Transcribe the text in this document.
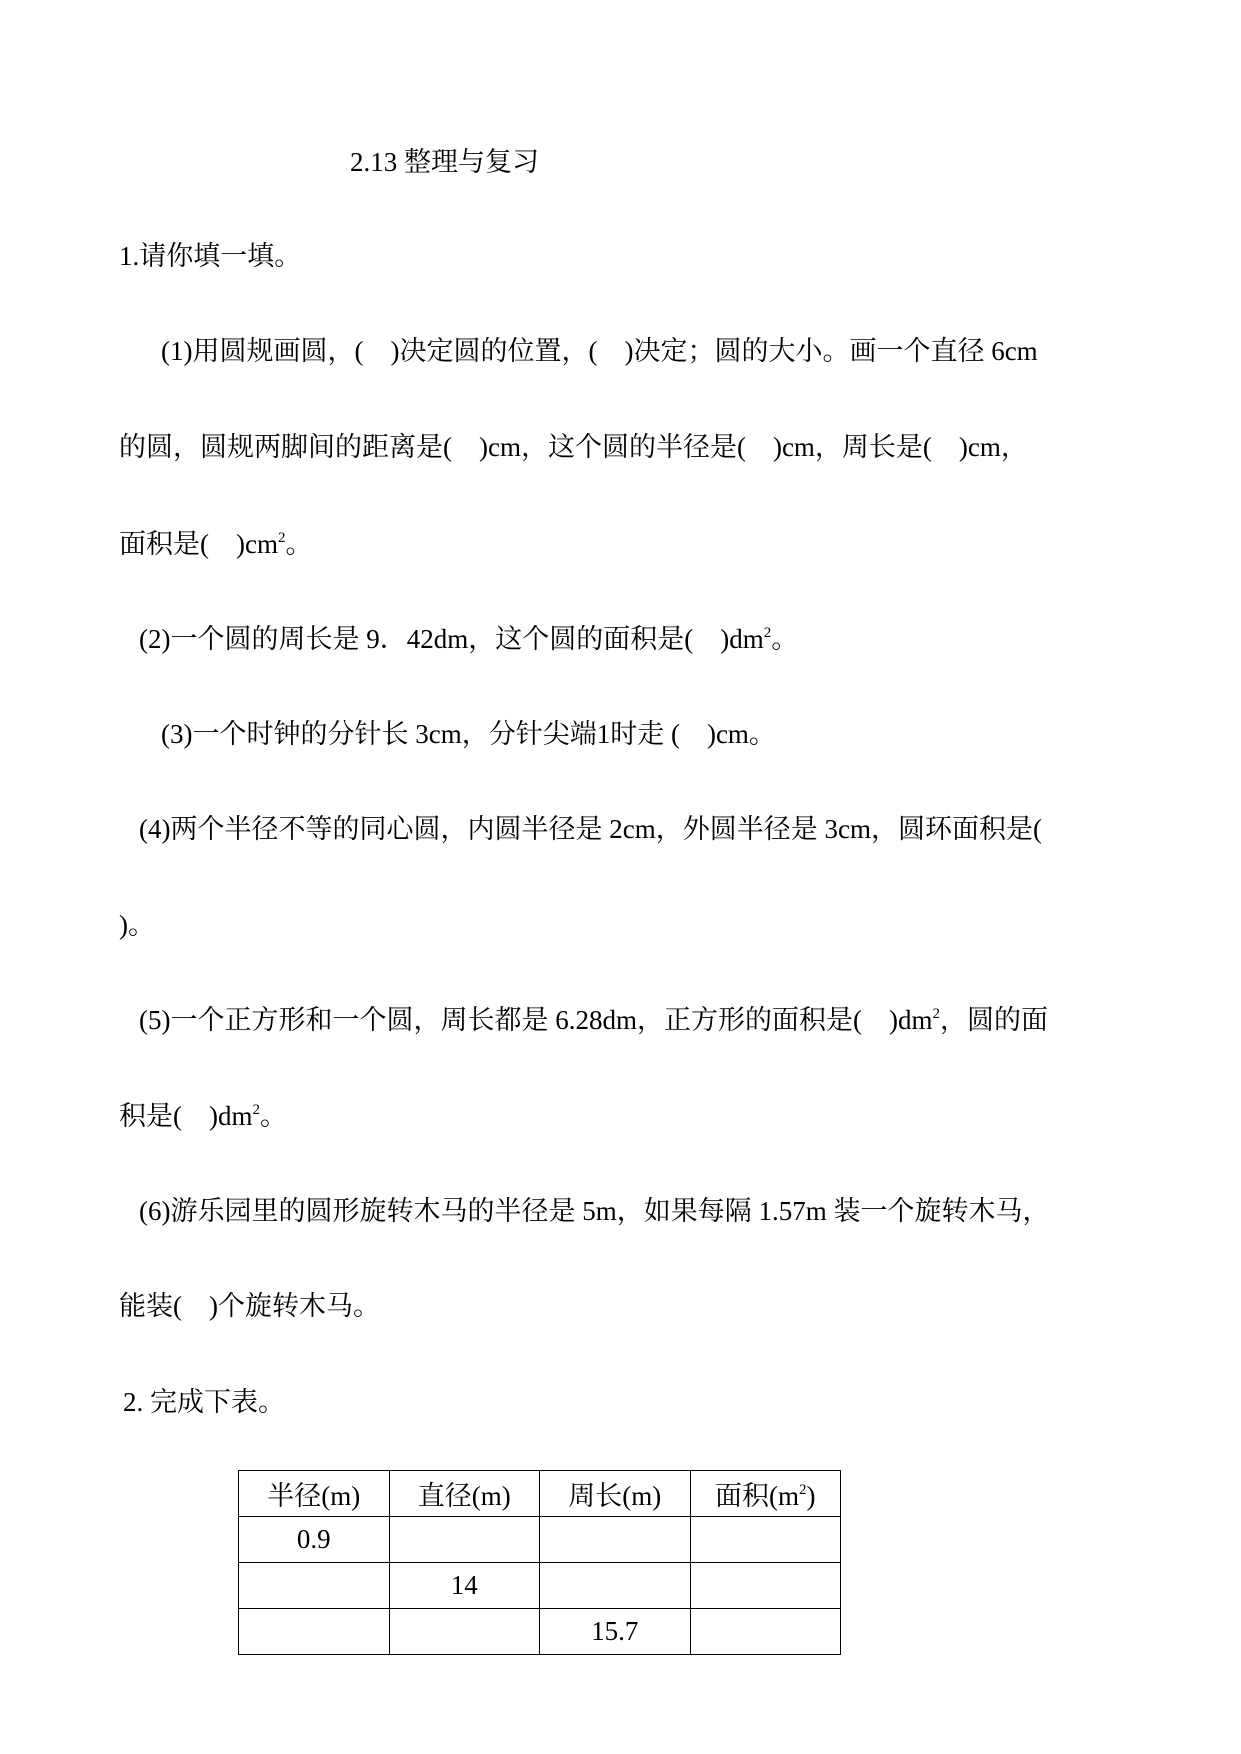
2.13 整理与复习

1.请你填一填。

(1)用圆规画圆，(　)决定圆的位置，(　)决定；圆的大小。画一个直径 6cm

的圆，圆规两脚间的距离是(　)cm，这个圆的半径是(　)cm，周长是(　)cm，

面积是(　)$cm^2$。

(2)一个圆的周长是 9．42dm，这个圆的面积是(　)$dm^2$。

(3)一个时钟的分针长 3cm，分针尖端1时走 (　)cm。

(4)两个半径不等的同心圆，内圆半径是 2cm，外圆半径是 3cm，圆环面积是(

)。

(5)一个正方形和一个圆，周长都是 6.28dm，正方形的面积是(　)$dm^2$，圆的面

积是(　)$dm^2$。

(6)游乐园里的圆形旋转木马的半径是 5m，如果每隔 1.57m 装一个旋转木马，

能装(　)个旋转木马。

2. 完成下表。

半径(m)	直径(m)	周长(m)	面积$(m^2)$
0.9			
	14		
		15.7	
